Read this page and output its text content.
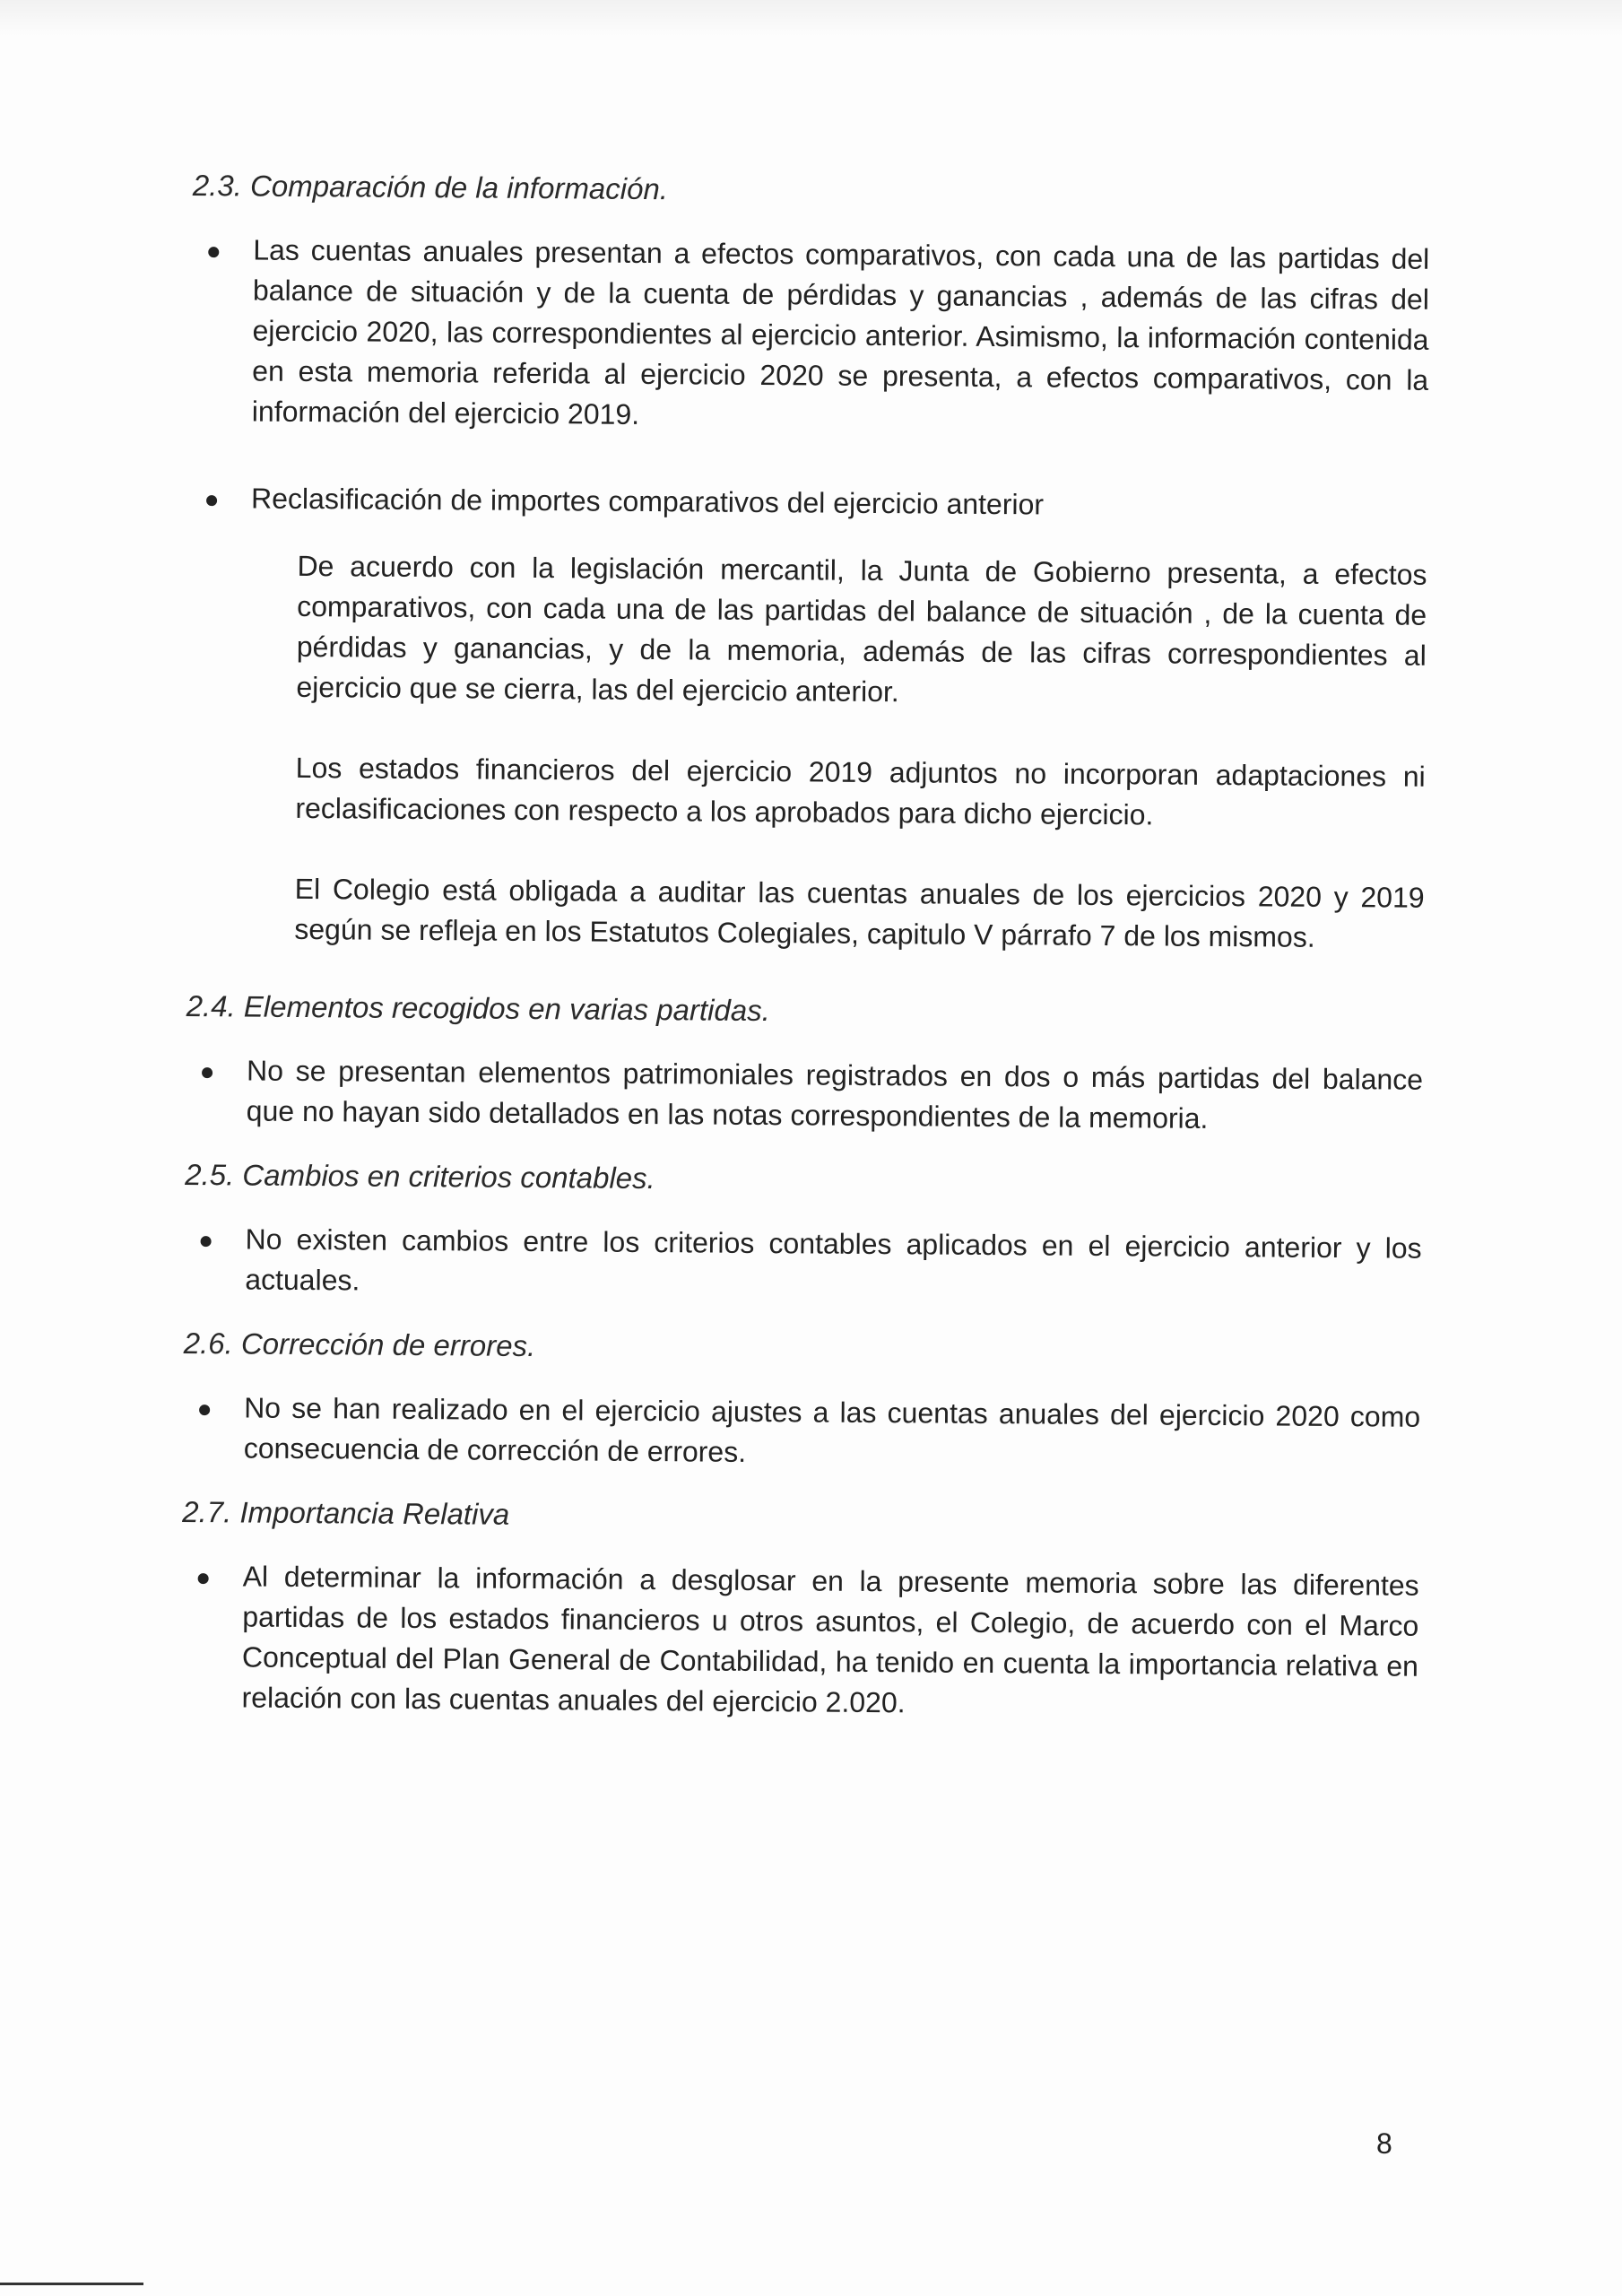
2.3. Comparación de la información.

Las cuentas anuales presentan a efectos comparativos, con cada una de las partidas del balance de situación y de la cuenta de pérdidas y ganancias , además de las cifras del ejercicio 2020, las correspondientes al ejercicio anterior. Asimismo, la información contenida en esta memoria referida al ejercicio 2020 se presenta, a efectos comparativos, con la información del ejercicio 2019.

Reclasificación de importes comparativos del ejercicio anterior

De acuerdo con la legislación mercantil, la Junta de Gobierno presenta, a efectos comparativos, con cada una de las partidas del balance de situación , de la cuenta de pérdidas y ganancias, y de la memoria, además de las cifras correspondientes al ejercicio que se cierra, las del ejercicio anterior.

Los estados financieros del ejercicio 2019 adjuntos no incorporan adaptaciones ni reclasificaciones con respecto a los aprobados para dicho ejercicio.

El Colegio está obligada a auditar las cuentas anuales de los ejercicios 2020 y 2019 según se refleja en los Estatutos Colegiales, capitulo V párrafo 7 de los mismos.

2.4. Elementos recogidos en varias partidas.

No se presentan elementos patrimoniales registrados en dos o más partidas del balance que no hayan sido detallados en las notas correspondientes de la memoria.

2.5. Cambios en criterios contables.

No existen cambios entre los criterios contables aplicados en el ejercicio anterior y los actuales.

2.6. Corrección de errores.

No se han realizado en el ejercicio ajustes a las cuentas anuales del ejercicio 2020 como consecuencia de corrección de errores.

2.7. Importancia Relativa

Al determinar la información a desglosar en la presente memoria sobre las diferentes partidas de los estados financieros u otros asuntos, el Colegio, de acuerdo con el Marco Conceptual del Plan General de Contabilidad, ha tenido en cuenta la importancia relativa en relación con las cuentas anuales del ejercicio 2.020.

8
